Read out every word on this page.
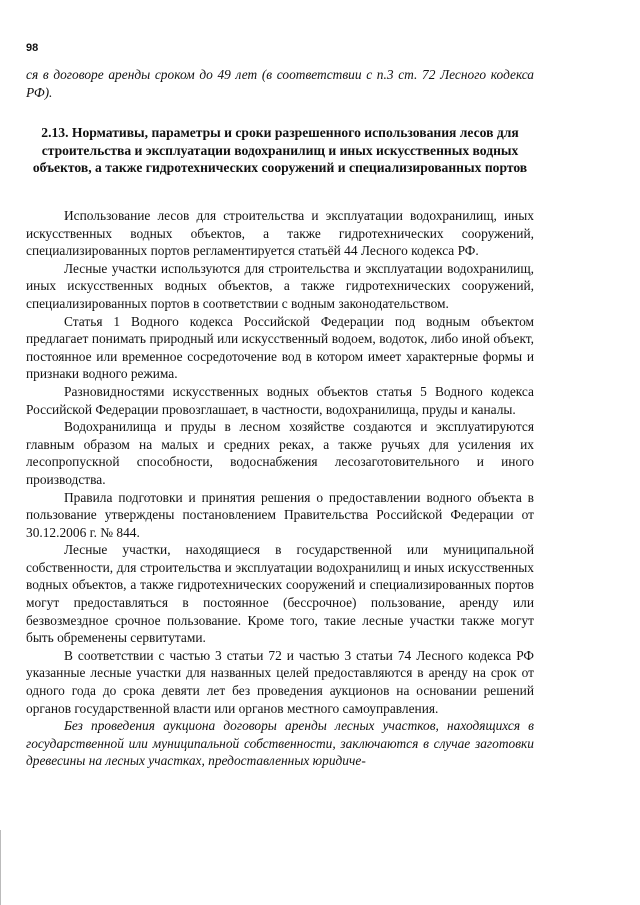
98
ся в договоре аренды сроком до 49 лет (в соответствии с п.3 ст. 72 Лесного кодекса РФ).
2.13. Нормативы, параметры и сроки разрешенного использования лесов для строительства и эксплуатации водохранилищ и иных искусственных водных объектов, а также гидротехнических сооружений и специализированных портов

Использование лесов для строительства и эксплуатации водохранилищ, иных искусственных водных объектов, а также гидротехнических сооружений, специализированных портов регламентируется статьёй 44 Лесного кодекса РФ.

Лесные участки используются для строительства и эксплуатации водохранилищ, иных искусственных водных объектов, а также гидротехнических сооружений, специализированных портов в соответствии с водным законодательством.

Статья 1 Водного кодекса Российской Федерации под водным объектом предлагает понимать природный или искусственный водоем, водоток, либо иной объект, постоянное или временное сосредоточение вод в котором имеет характерные формы и признаки водного режима.

Разновидностями искусственных водных объектов статья 5 Водного кодекса Российской Федерации провозглашает, в частности, водохранилища, пруды и каналы.

Водохранилища и пруды в лесном хозяйстве создаются и эксплуатируются главным образом на малых и средних реках, а также ручьях для усиления их лесопропускной способности, водоснабжения лесозаготовительного и иного производства.

Правила подготовки и принятия решения о предоставлении водного объекта в пользование утверждены постановлением Правительства Российской Федерации от 30.12.2006 г. № 844.

Лесные участки, находящиеся в государственной или муниципальной собственности, для строительства и эксплуатации водохранилищ и иных искусственных водных объектов, а также гидротехнических сооружений и специализированных портов могут предоставляться в постоянное (бессрочное) пользование, аренду или безвозмездное срочное пользование. Кроме того, такие лесные участки также могут быть обременены сервитутами.

В соответствии с частью 3 статьи 72 и частью 3 статьи 74 Лесного кодекса РФ указанные лесные участки для названных целей предоставляются в аренду на срок от одного года до срока девяти лет без проведения аукционов на основании решений органов государственной власти или органов местного самоуправления.

Без проведения аукциона договоры аренды лесных участков, находящихся в государственной или муниципальной собственности, заключаются в случае заготовки древесины на лесных участках, предоставленных юридиче-
